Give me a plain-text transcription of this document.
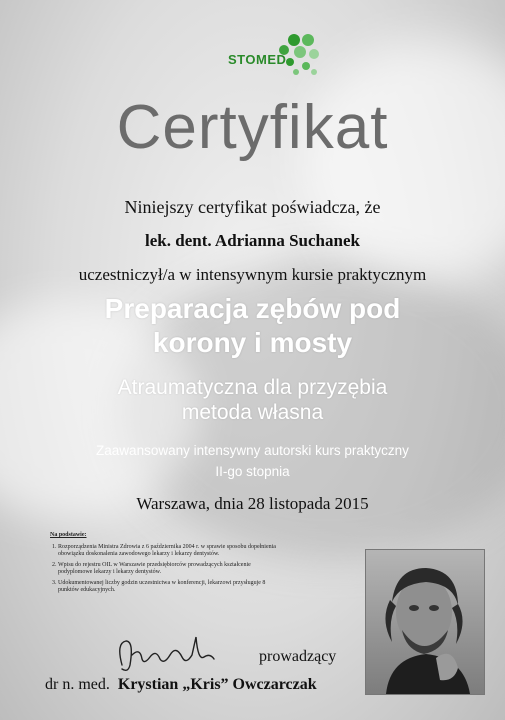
STOMED
Certyfikat
Niniejszy certyfikat poświadcza, że
lek. dent. Adrianna Suchanek
uczestniczył/a w intensywnym kursie praktycznym
Preparacja zębów pod
korony i mosty
Atraumatyczna dla przyzębia
metoda własna
Zaawansowany intensywny autorski kurs praktyczny
II-go stopnia
Warszawa, dnia 28 listopada 2015
Na podstawie:
1. Rozporządzenia Ministra Zdrowia z 6 października 2004 r. w sprawie sposobu dopełnienia obowiązku doskonalenia zawodowego lekarzy i lekarzy dentystów.
2. Wpisu do rejestru OIL w Warszawie przedsiębiorców prowadzących kształcenie podyplomowe lekarzy i lekarzy dentystów.
3. Udokumentowanej liczby godzin uczestnictwa w konferencji, lekarzowi przysługuje 8 punktów edukacyjnych.
prowadzący
dr n. med. Krystian „Kris” Owczarczak
